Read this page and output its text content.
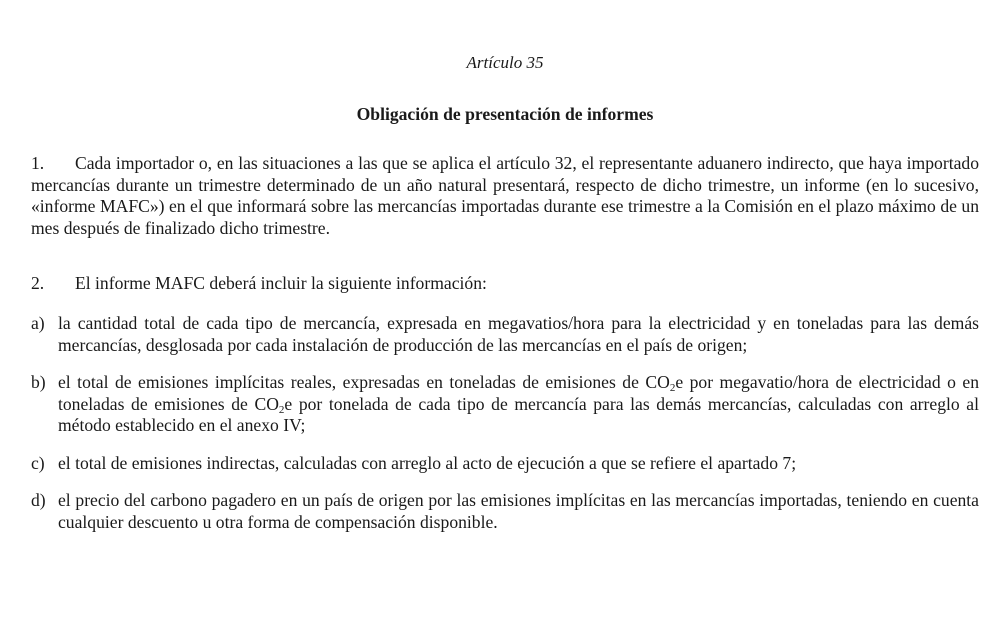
Artículo 35
Obligación de presentación de informes
1. Cada importador o, en las situaciones a las que se aplica el artículo 32, el representante aduanero indirecto, que haya importado mercancías durante un trimestre determinado de un año natural presentará, respecto de dicho trimestre, un informe (en lo sucesivo, «informe MAFC») en el que informará sobre las mercancías importadas durante ese trimestre a la Comisión en el plazo máximo de un mes después de finalizado dicho trimestre.
2. El informe MAFC deberá incluir la siguiente información:
a) la cantidad total de cada tipo de mercancía, expresada en megavatios/hora para la electricidad y en toneladas para las demás mercancías, desglosada por cada instalación de producción de las mercancías en el país de origen;
b) el total de emisiones implícitas reales, expresadas en toneladas de emisiones de $CO_2e$ por megavatio/hora de electricidad o en toneladas de emisiones de $CO_2e$ por tonelada de cada tipo de mercancía para las demás mercancías, calculadas con arreglo al método establecido en el anexo IV;
c) el total de emisiones indirectas, calculadas con arreglo al acto de ejecución a que se refiere el apartado 7;
d) el precio del carbono pagadero en un país de origen por las emisiones implícitas en las mercancías importadas, teniendo en cuenta cualquier descuento u otra forma de compensación disponible.
